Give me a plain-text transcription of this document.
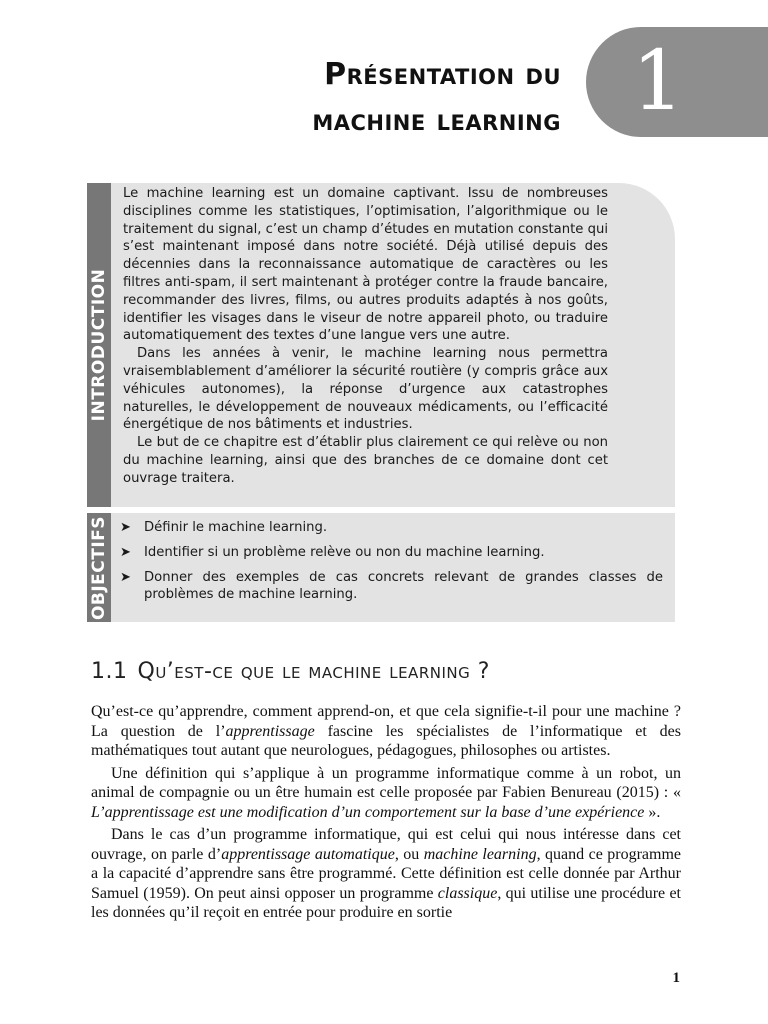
Présentation du
machine learning 1
INTRODUCTION

Le machine learning est un domaine captivant. Issu de nombreuses disciplines comme les statistiques, l’optimisation, l’algorithmique ou le traitement du signal, c’est un champ d’études en mutation constante qui s’est maintenant imposé dans notre société. Déjà utilisé depuis des décennies dans la reconnaissance automatique de caractères ou les filtres anti-spam, il sert maintenant à protéger contre la fraude bancaire, recommander des livres, films, ou autres produits adaptés à nos goûts, identifier les visages dans le viseur de notre appareil photo, ou traduire automatiquement des textes d’une langue vers une autre.

Dans les années à venir, le machine learning nous permettra vraisemblablement d’améliorer la sécurité routière (y compris grâce aux véhicules autonomes), la réponse d’urgence aux catastrophes naturelles, le développement de nouveaux médicaments, ou l’efficacité énergétique de nos bâtiments et industries.

Le but de ce chapitre est d’établir plus clairement ce qui relève ou non du machine learning, ainsi que des branches de ce domaine dont cet ouvrage traitera.

OBJECTIFS ➤ Définir le machine learning.
➤ Identifier si un problème relève ou non du machine learning.
➤ Donner des exemples de cas concrets relevant de grandes classes de problèmes de machine learning.
1.1 Qu’est-ce que le machine learning ?

Qu’est-ce qu’apprendre, comment apprend-on, et que cela signifie-t-il pour une machine ? La question de l’apprentissage fascine les spécialistes de l’informatique et des mathématiques tout autant que neurologues, pédagogues, philosophes ou artistes.

Une définition qui s’applique à un programme informatique comme à un robot, un animal de compagnie ou un être humain est celle proposée par Fabien Benureau (2015) : « L’apprentissage est une modification d’un comportement sur la base d’une expérience ».

Dans le cas d’un programme informatique, qui est celui qui nous intéresse dans cet ouvrage, on parle d’apprentissage automatique, ou machine learning, quand ce programme a la capacité d’apprendre sans être programmé. Cette définition est celle donnée par Arthur Samuel (1959). On peut ainsi opposer un programme classique, qui utilise une procédure et les données qu’il reçoit en entrée pour produire en sortie

1
